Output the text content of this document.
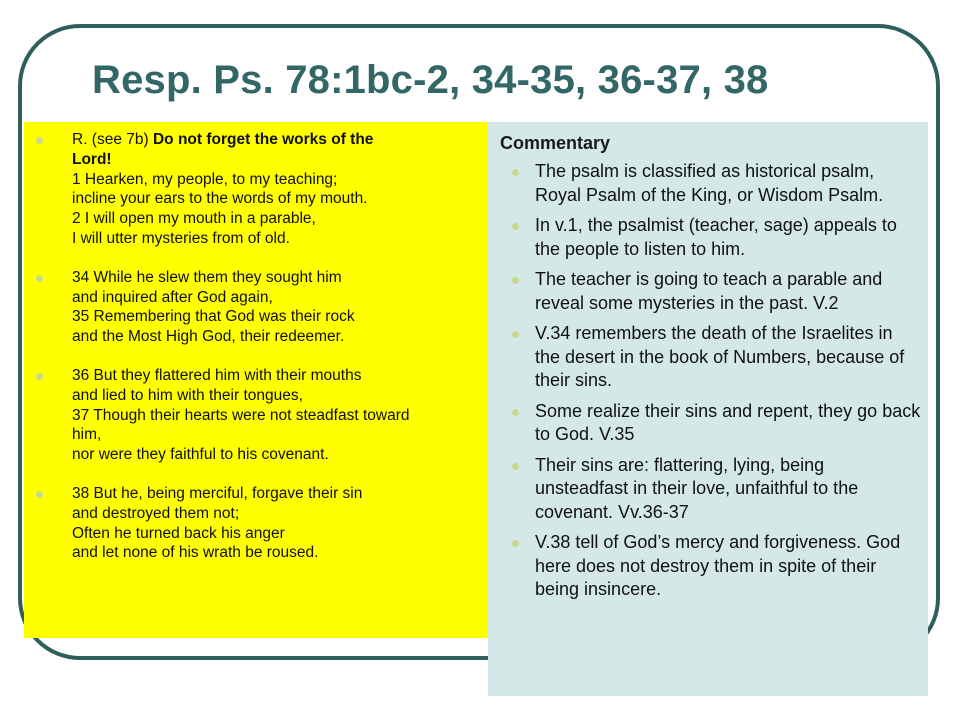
Resp. Ps. 78:1bc-2, 34-35, 36-37, 38
R. (see 7b) Do not forget the works of the
Lord!
1 Hearken, my people, to my teaching;
incline your ears to the words of my mouth.
2 I will open my mouth in a parable,
I will utter mysteries from of old.
34 While he slew them they sought him
and inquired after God again,
35 Remembering that God was their rock
and the Most High God, their redeemer.
36 But they flattered him with their mouths
and lied to him with their tongues,
37 Though their hearts were not steadfast toward
him,
nor were they faithful to his covenant.
38 But he, being merciful, forgave their sin
and destroyed them not;
Often he turned back his anger
and let none of his wrath be roused.
Commentary
The psalm is classified as historical psalm, Royal Psalm of the King, or Wisdom Psalm.
In v.1, the psalmist (teacher, sage) appeals to the people to listen to him.
The teacher is going to teach a parable and reveal some mysteries in the past. V.2
V.34 remembers the death of the Israelites in the desert in the book of Numbers, because of their sins.
Some realize their sins and repent, they go back to God. V.35
Their sins are: flattering, lying, being unsteadfast in their love, unfaithful to the covenant. Vv.36-37
V.38 tell of God’s mercy and forgiveness. God here does not destroy them in spite of their being insincere.
